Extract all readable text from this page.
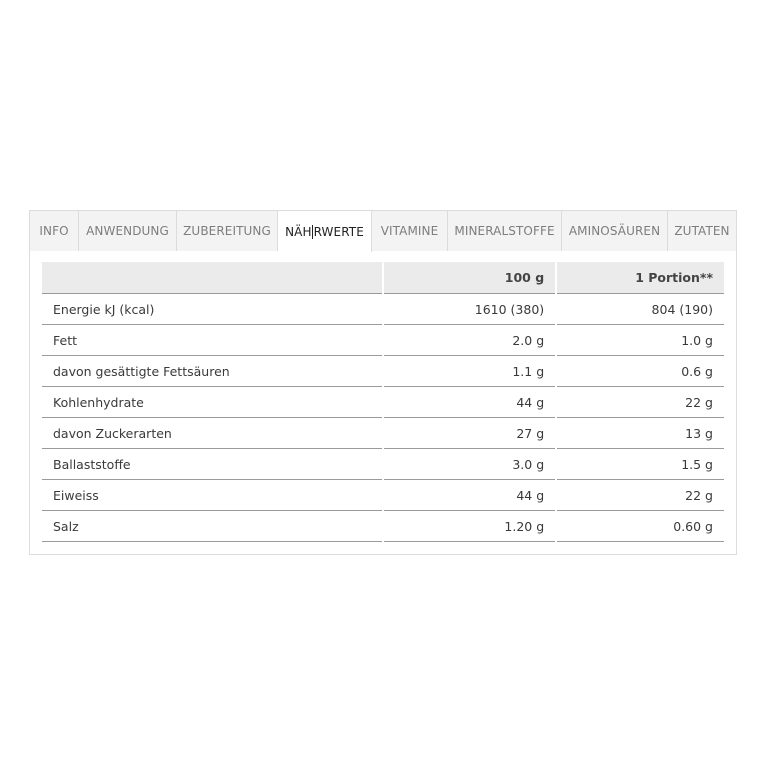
INFO ANWENDUNG ZUBEREITUNG NÄH RWERTE VITAMINE MINERALSTOFFE AMINOSÄUREN ZUTATEN
		100 g		1 Portion**
Energie kJ (kcal)		1610 (380)		804 (190)
Fett		2.0 g		1.0 g
davon gesättigte Fettsäuren		1.1 g		0.6 g
Kohlenhydrate		44 g		22 g
davon Zuckerarten		27 g		13 g
Ballaststoffe		3.0 g		1.5 g
Eiweiss		44 g		22 g
Salz		1.20 g		0.60 g
